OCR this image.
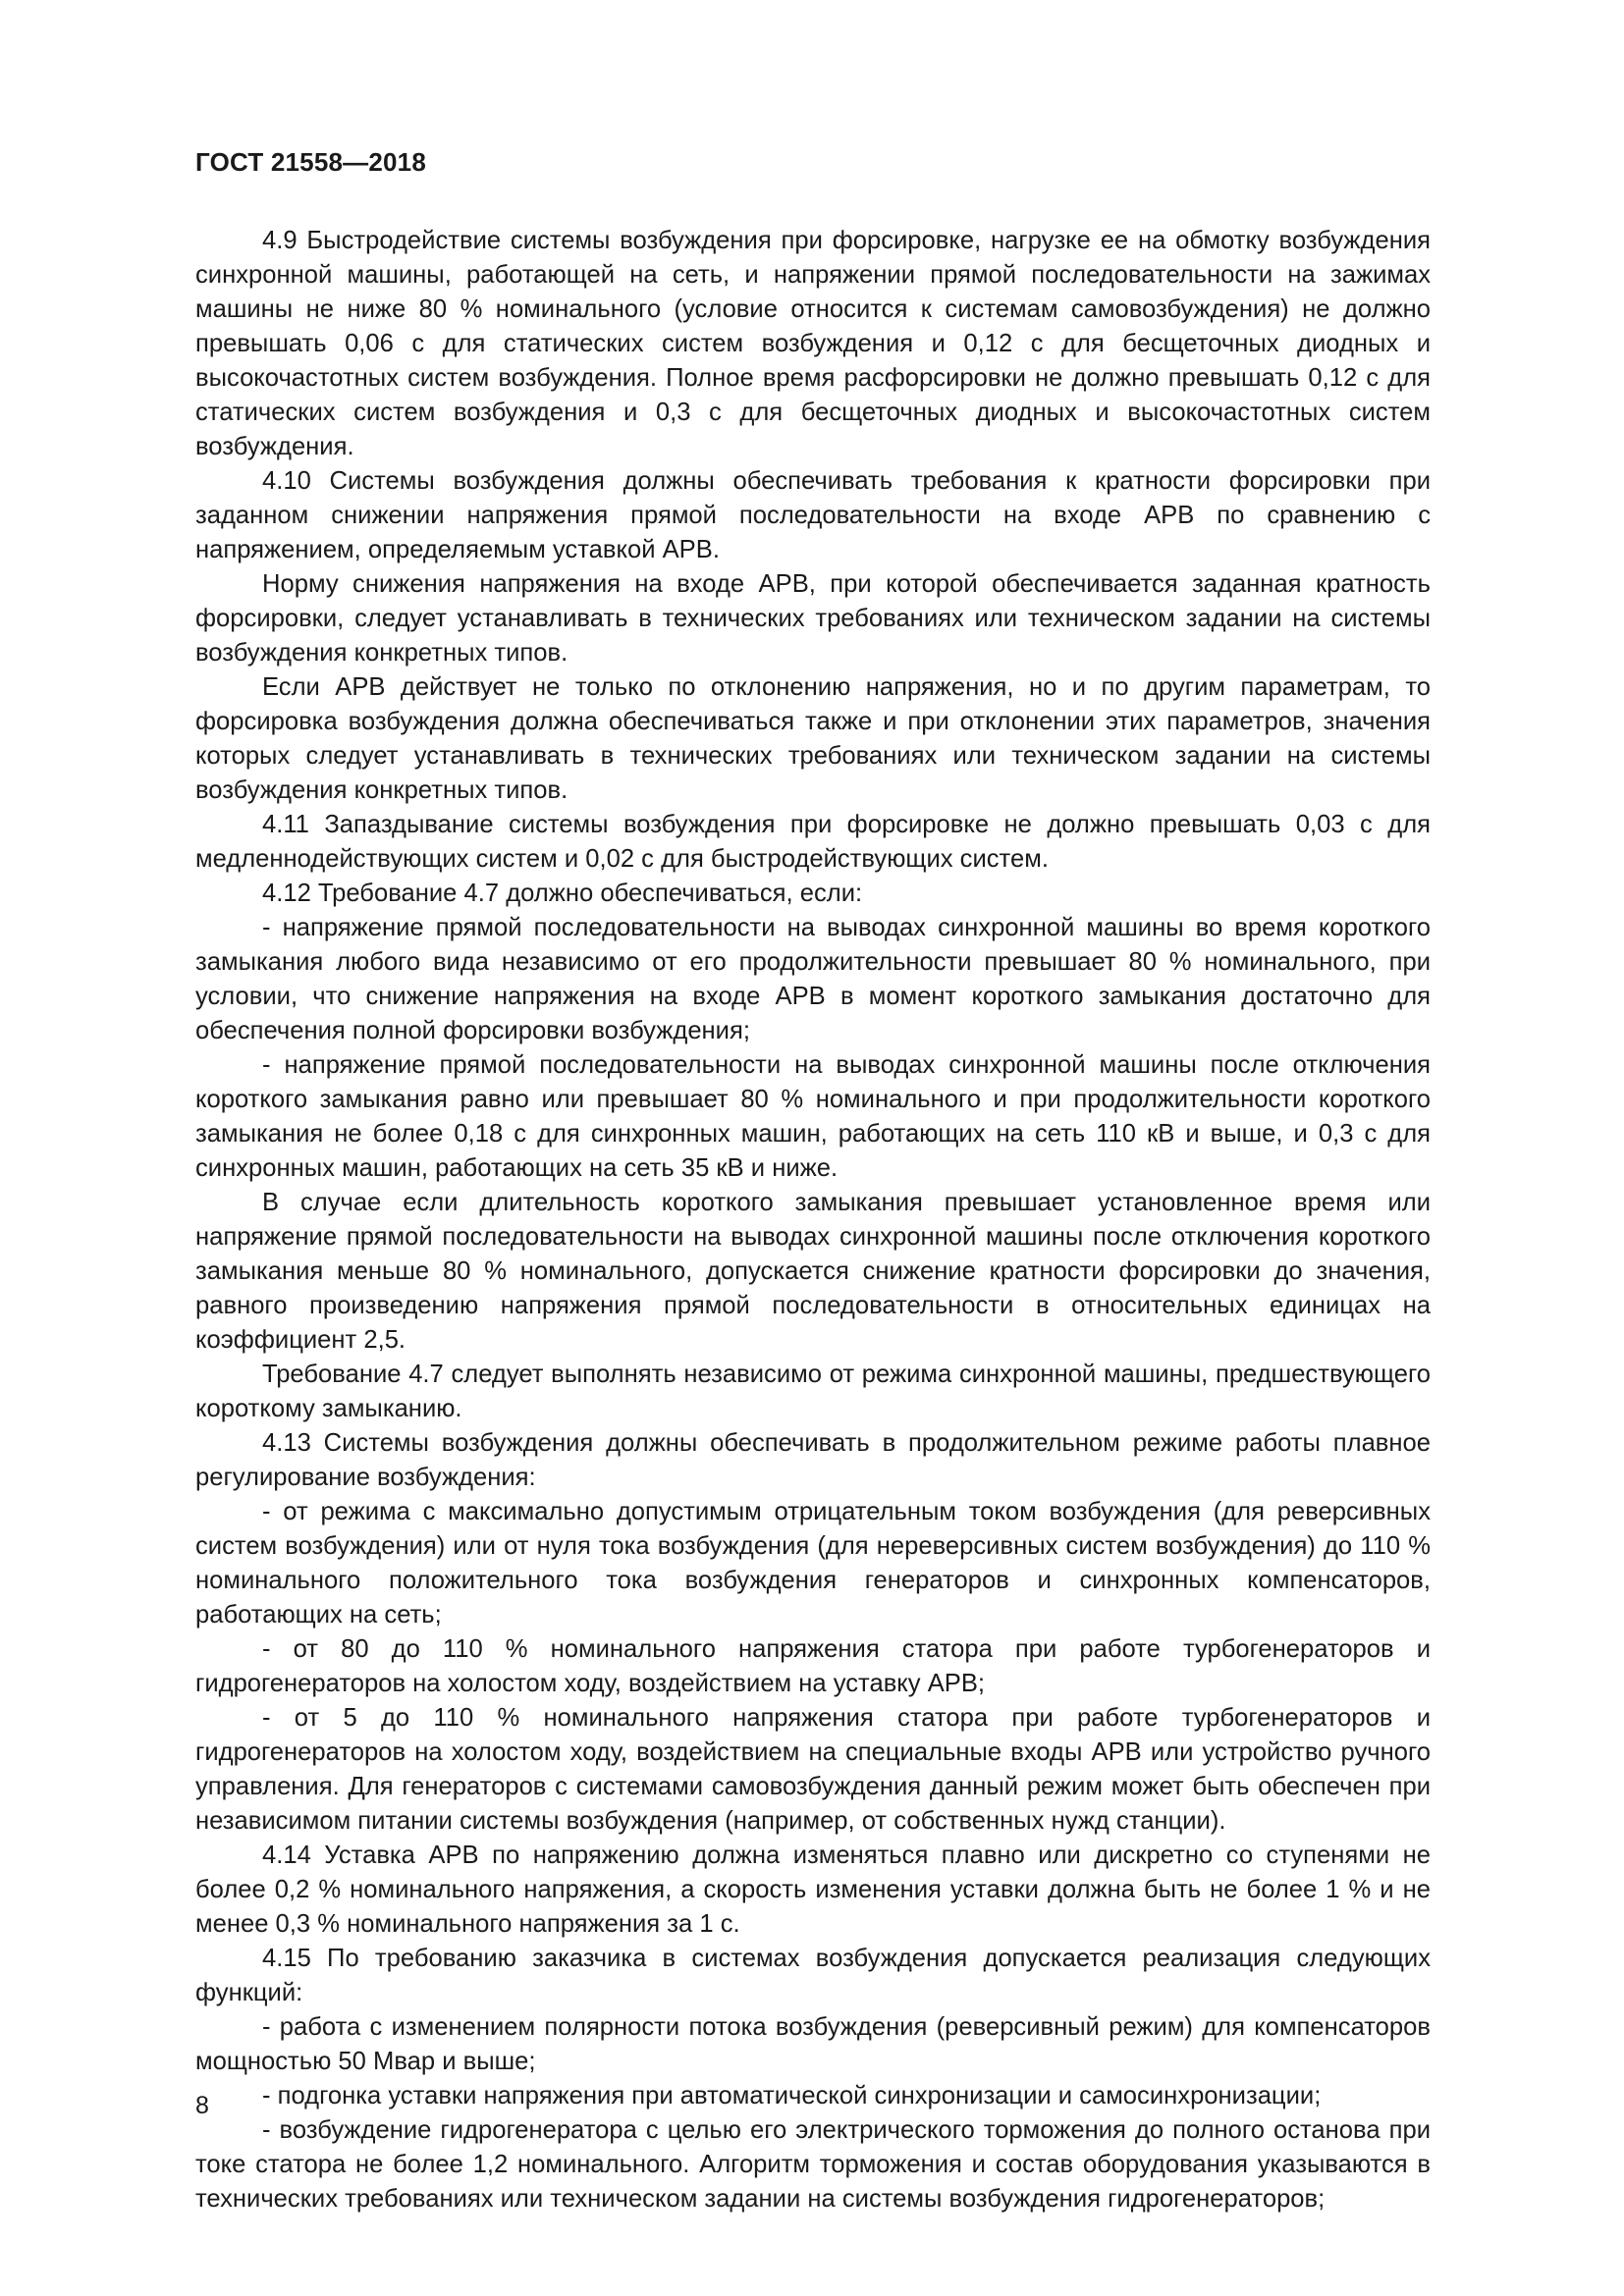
ГОСТ 21558—2018

4.9 Быстродействие системы возбуждения при форсировке, нагрузке ее на обмотку возбуждения синхронной машины, работающей на сеть, и напряжении прямой последовательности на зажимах машины не ниже 80 % номинального (условие относится к системам самовозбуждения) не должно превышать 0,06 с для статических систем возбуждения и 0,12 с для бесщеточных диодных и высокочастотных систем возбуждения. Полное время расфорсировки не должно превышать 0,12 с для статических систем возбуждения и 0,3 с для бесщеточных диодных и высокочастотных систем возбуждения.

4.10 Системы возбуждения должны обеспечивать требования к кратности форсировки при заданном снижении напряжения прямой последовательности на входе АРВ по сравнению с напряжением, определяемым уставкой АРВ.

Норму снижения напряжения на входе АРВ, при которой обеспечивается заданная кратность форсировки, следует устанавливать в технических требованиях или техническом задании на системы возбуждения конкретных типов.

Если АРВ действует не только по отклонению напряжения, но и по другим параметрам, то форсировка возбуждения должна обеспечиваться также и при отклонении этих параметров, значения которых следует устанавливать в технических требованиях или техническом задании на системы возбуждения конкретных типов.

4.11 Запаздывание системы возбуждения при форсировке не должно превышать 0,03 с для медленнодействующих систем и 0,02 с для быстродействующих систем.

4.12 Требование 4.7 должно обеспечиваться, если:

- напряжение прямой последовательности на выводах синхронной машины во время короткого замыкания любого вида независимо от его продолжительности превышает 80 % номинального, при условии, что снижение напряжения на входе АРВ в момент короткого замыкания достаточно для обеспечения полной форсировки возбуждения;

- напряжение прямой последовательности на выводах синхронной машины после отключения короткого замыкания равно или превышает 80 % номинального и при продолжительности короткого замыкания не более 0,18 с для синхронных машин, работающих на сеть 110 кВ и выше, и 0,3 с для синхронных машин, работающих на сеть 35 кВ и ниже.

В случае если длительность короткого замыкания превышает установленное время или напряжение прямой последовательности на выводах синхронной машины после отключения короткого замыкания меньше 80 % номинального, допускается снижение кратности форсировки до значения, равного произведению напряжения прямой последовательности в относительных единицах на коэффициент 2,5.

Требование 4.7 следует выполнять независимо от режима синхронной машины, предшествующего короткому замыканию.

4.13 Системы возбуждения должны обеспечивать в продолжительном режиме работы плавное регулирование возбуждения:

- от режима с максимально допустимым отрицательным током возбуждения (для реверсивных систем возбуждения) или от нуля тока возбуждения (для нереверсивных систем возбуждения) до 110 % номинального положительного тока возбуждения генераторов и синхронных компенсаторов, работающих на сеть;

- от 80 до 110 % номинального напряжения статора при работе турбогенераторов и гидрогенераторов на холостом ходу, воздействием на уставку АРВ;

- от 5 до 110 % номинального напряжения статора при работе турбогенераторов и гидрогенераторов на холостом ходу, воздействием на специальные входы АРВ или устройство ручного управления. Для генераторов с системами самовозбуждения данный режим может быть обеспечен при независимом питании системы возбуждения (например, от собственных нужд станции).

4.14 Уставка АРВ по напряжению должна изменяться плавно или дискретно со ступенями не более 0,2 % номинального напряжения, а скорость изменения уставки должна быть не более 1 % и не менее 0,3 % номинального напряжения за 1 с.

4.15 По требованию заказчика в системах возбуждения допускается реализация следующих функций:

- работа с изменением полярности потока возбуждения (реверсивный режим) для компенсаторов мощностью 50 Мвар и выше;

- подгонка уставки напряжения при автоматической синхронизации и самосинхронизации;

- возбуждение гидрогенератора с целью его электрического торможения до полного останова при токе статора не более 1,2 номинального. Алгоритм торможения и состав оборудования указываются в технических требованиях или техническом задании на системы возбуждения гидрогенераторов;

8
